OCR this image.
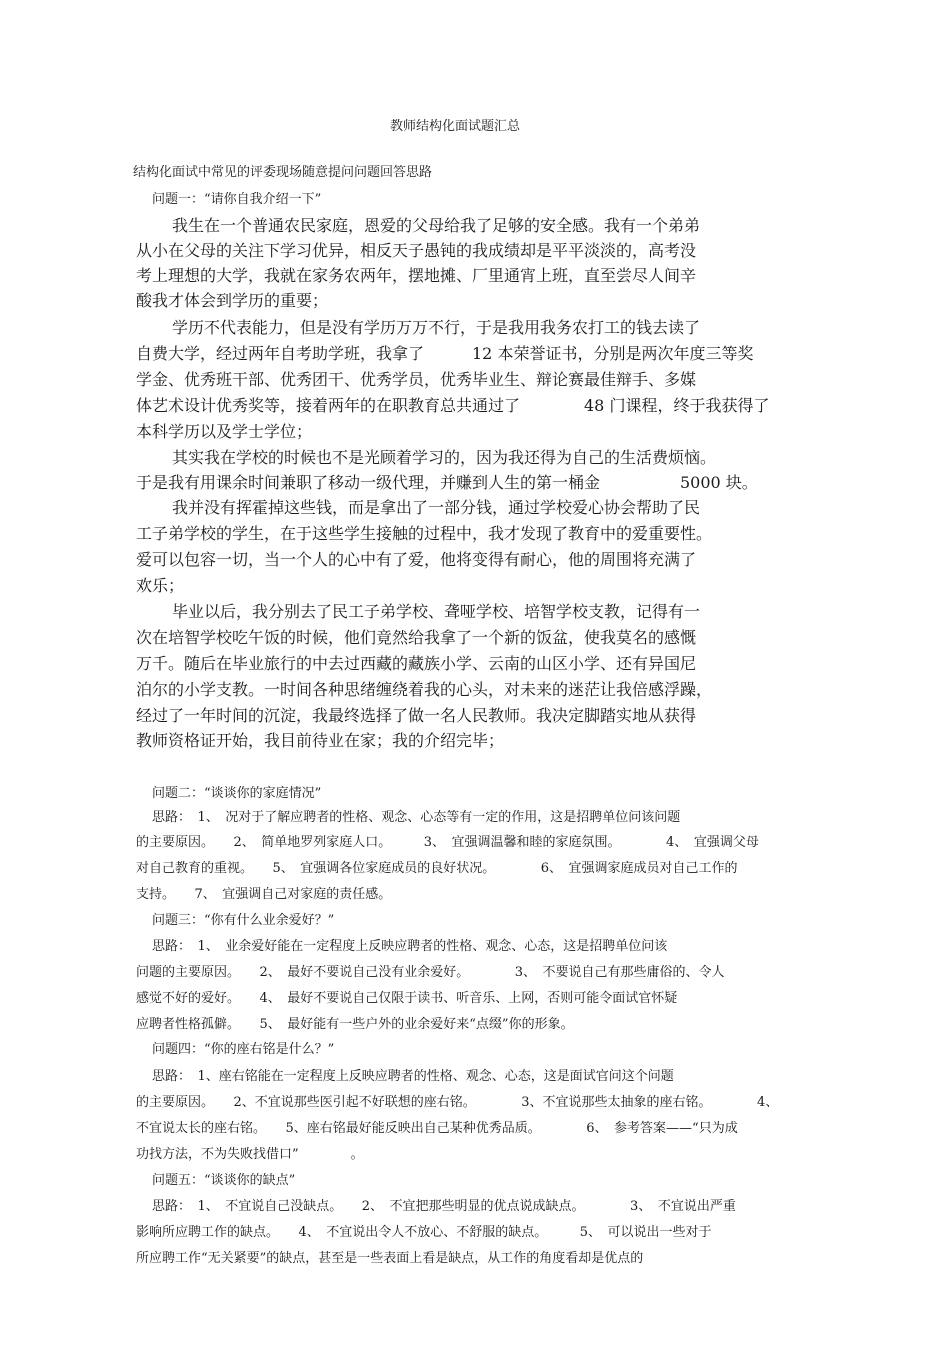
教师结构化面试题汇总
结构化面试中常见的评委现场随意提问问题回答思路
问题一：“请你自我介绍一下”
我生在一个普通农民家庭，恩爱的父母给我了足够的安全感。我有一个弟弟
从小在父母的关注下学习优异，相反天子愚钝的我成绩却是平平淡淡的，高考没
考上理想的大学，我就在家务农两年，摆地摊、厂里通宵上班，直至尝尽人间辛
酸我才体会到学历的重要；
学历不代表能力，但是没有学历万万不行，于是我用我务农打工的钱去读了
自费大学，经过两年自考助学班，我拿了　　　12 本荣誉证书，分别是两次年度三等奖
学金、优秀班干部、优秀团干、优秀学员，优秀毕业生、辩论赛最佳辩手、多媒
体艺术设计优秀奖等，接着两年的在职教育总共通过了　　　　48 门课程，终于我获得了
本科学历以及学士学位；
其实我在学校的时候也不是光顾着学习的，因为我还得为自己的生活费烦恼。
于是我有用课余时间兼职了移动一级代理，并赚到人生的第一桶金　　　　　5000 块。
我并没有挥霍掉这些钱，而是拿出了一部分钱，通过学校爱心协会帮助了民
工子弟学校的学生，在于这些学生接触的过程中，我才发现了教育中的爱重要性。
爱可以包容一切，当一个人的心中有了爱，他将变得有耐心，他的周围将充满了
欢乐；
毕业以后，我分别去了民工子弟学校、聋哑学校、培智学校支教，记得有一
次在培智学校吃午饭的时候，他们竟然给我拿了一个新的饭盆，使我莫名的感慨
万千。随后在毕业旅行的中去过西藏的藏族小学、云南的山区小学、还有异国尼
泊尔的小学支教。一时间各种思绪缠绕着我的心头，对未来的迷茫让我倍感浮躁，
经过了一年时间的沉淀，我最终选择了做一名人民教师。我决定脚踏实地从获得
教师资格证开始，我目前待业在家；我的介绍完毕；
问题二：“谈谈你的家庭情况”
思路：　1、　况对于了解应聘者的性格、观念、心态等有一定的作用，这是招聘单位问该问题
的主要原因。　　2、　简单地罗列家庭人口。　　　3、　宜强调温馨和睦的家庭氛围。　　　　4、　宜强调父母
对自己教育的重视。　　5、　宜强调各位家庭成员的良好状况。　　　　6、　宜强调家庭成员对自己工作的
支持。　　7、　宜强调自己对家庭的责任感。
问题三：“你有什么业余爱好？”
思路：　1、　业余爱好能在一定程度上反映应聘者的性格、观念、心态，这是招聘单位问该
问题的主要原因。　　2、　最好不要说自己没有业余爱好。　　　　3、　不要说自己有那些庸俗的、令人
感觉不好的爱好。　　4、　最好不要说自己仅限于读书、听音乐、上网，否则可能令面试官怀疑
应聘者性格孤僻。　　5、　最好能有一些户外的业余爱好来“点缀”你的形象。
问题四：“你的座右铭是什么？”
思路：　1、座右铭能在一定程度上反映应聘者的性格、观念、心态，这是面试官问这个问题
的主要原因。　　2、不宜说那些医引起不好联想的座右铭。　　　　3、不宜说那些太抽象的座右铭。　　　　4、
不宜说太长的座右铭。　　5、座右铭最好能反映出自己某种优秀品质。　　　　6、　参考答案——“只为成
功找方法，不为失败找借口”　　　　。
问题五：“谈谈你的缺点”
思路：　1、　不宜说自己没缺点。　　2、　不宜把那些明显的优点说成缺点。　　　　3、　不宜说出严重
影响所应聘工作的缺点。　　4、　不宜说出令人不放心、不舒服的缺点。　　　5、　可以说出一些对于
所应聘工作“无关紧要”的缺点，甚至是一些表面上看是缺点，从工作的角度看却是优点的
